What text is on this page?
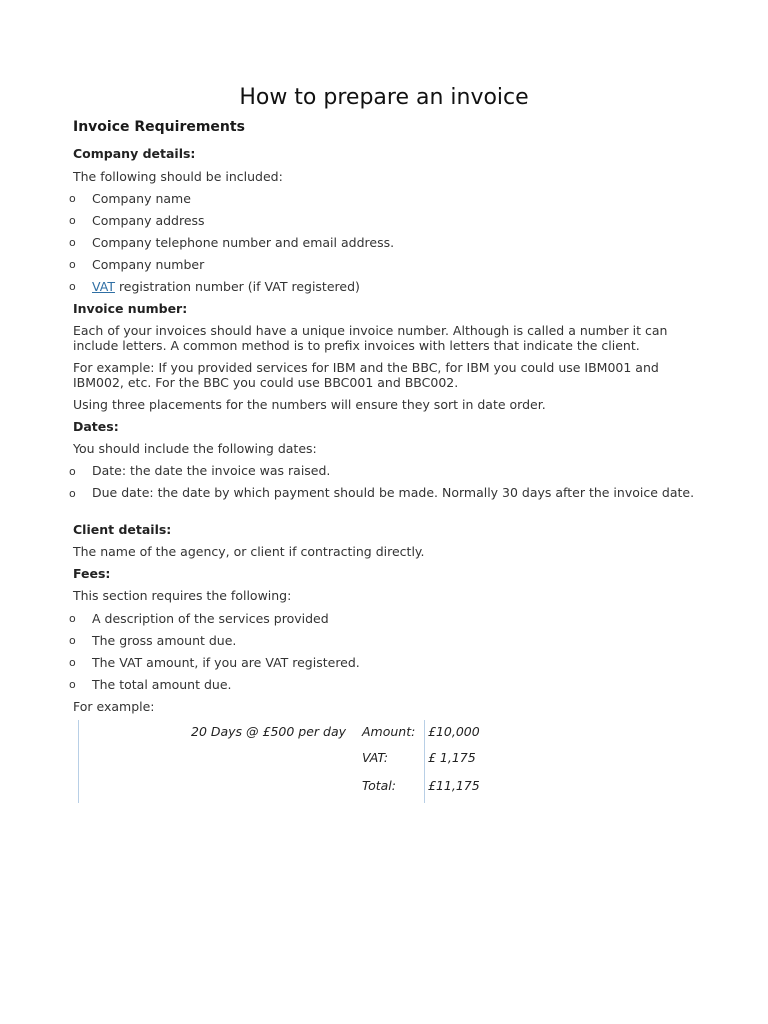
How to prepare an invoice
Invoice Requirements
Company details:
The following should be included:
o Company name
o Company address
o Company telephone number and email address.
o Company number
o VAT registration number (if VAT registered)
Invoice number:
Each of your invoices should have a unique invoice number. Although is called a number it can include letters. A common method is to prefix invoices with letters that indicate the client.
For example: If you provided services for IBM and the BBC, for IBM you could use IBM001 and IBM002, etc. For the BBC you could use BBC001 and BBC002.
Using three placements for the numbers will ensure they sort in date order.
Dates:
You should include the following dates:
o Date: the date the invoice was raised.
o Due date: the date by which payment should be made. Normally 30 days after the invoice date.
Client details:
The name of the agency, or client if contracting directly.
Fees:
This section requires the following:
o A description of the services provided
o The gross amount due.
o The VAT amount, if you are VAT registered.
o The total amount due.
For example:
20 Days @ £500 per day Amount: £10,000
VAT:	£ 1,175
Total:	£11,175
